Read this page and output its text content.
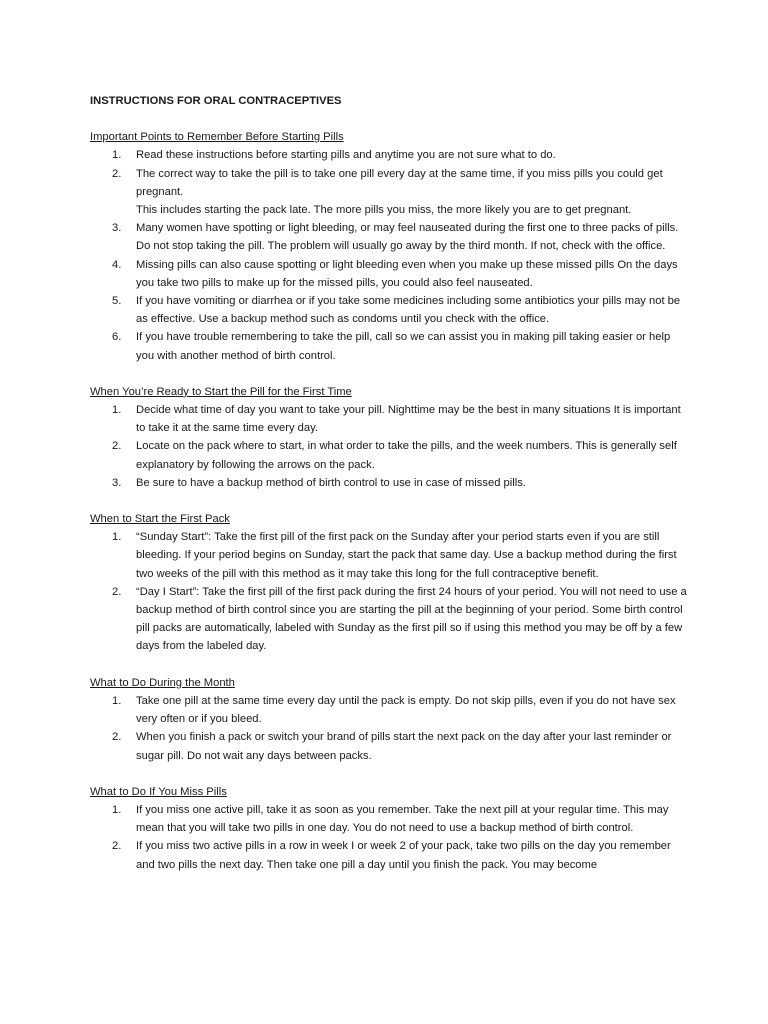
INSTRUCTIONS FOR ORAL CONTRACEPTIVES
Important Points to Remember Before Starting Pills
1. Read these instructions before starting pills and anytime you are not sure what to do.
2. The correct way to take the pill is to take one pill every day at the same time, if you miss pills you could get pregnant.
This includes starting the pack late. The more pills you miss, the more likely you are to get pregnant.
3. Many women have spotting or light bleeding, or may feel nauseated during the first one to three packs of pills. Do not stop taking the pill. The problem will usually go away by the third month. If not, check with the office.
4. Missing pills can also cause spotting or light bleeding even when you make up these missed pills On the days you take two pills to make up for the missed pills, you could also feel nauseated.
5. If you have vomiting or diarrhea or if you take some medicines including some antibiotics your pills may not be as effective. Use a backup method such as condoms until you check with the office.
6. If you have trouble remembering to take the pill, call so we can assist you in making pill taking easier or help you with another method of birth control.
When You’re Ready to Start the Pill for the First Time
1. Decide what time of day you want to take your pill. Nighttime may be the best in many situations It is important to take it at the same time every day.
2. Locate on the pack where to start, in what order to take the pills, and the week numbers. This is generally self explanatory by following the arrows on the pack.
3. Be sure to have a backup method of birth control to use in case of missed pills.
When to Start the First Pack
1. “Sunday Start”: Take the first pill of the first pack on the Sunday after your period starts even if you are still bleeding. If your period begins on Sunday, start the pack that same day. Use a backup method during the first two weeks of the pill with this method as it may take this long for the full contraceptive benefit.
2. “Day I Start”: Take the first pill of the first pack during the first 24 hours of your period. You will not need to use a backup method of birth control since you are starting the pill at the beginning of your period. Some birth control pill packs are automatically, labeled with Sunday as the first pill so if using this method you may be off by a few days from the labeled day.
What to Do During the Month
1. Take one pill at the same time every day until the pack is empty. Do not skip pills, even if you do not have sex very often or if you bleed.
2. When you finish a pack or switch your brand of pills start the next pack on the day after your last reminder or sugar pill. Do not wait any days between packs.
What to Do If You Miss Pills
1. If you miss one active pill, take it as soon as you remember. Take the next pill at your regular time. This may mean that you will take two pills in one day. You do not need to use a backup method of birth control.
2. If you miss two active pills in a row in week I or week 2 of your pack, take two pills on the day you remember and two pills the next day. Then take one pill a day until you finish the pack. You may become
